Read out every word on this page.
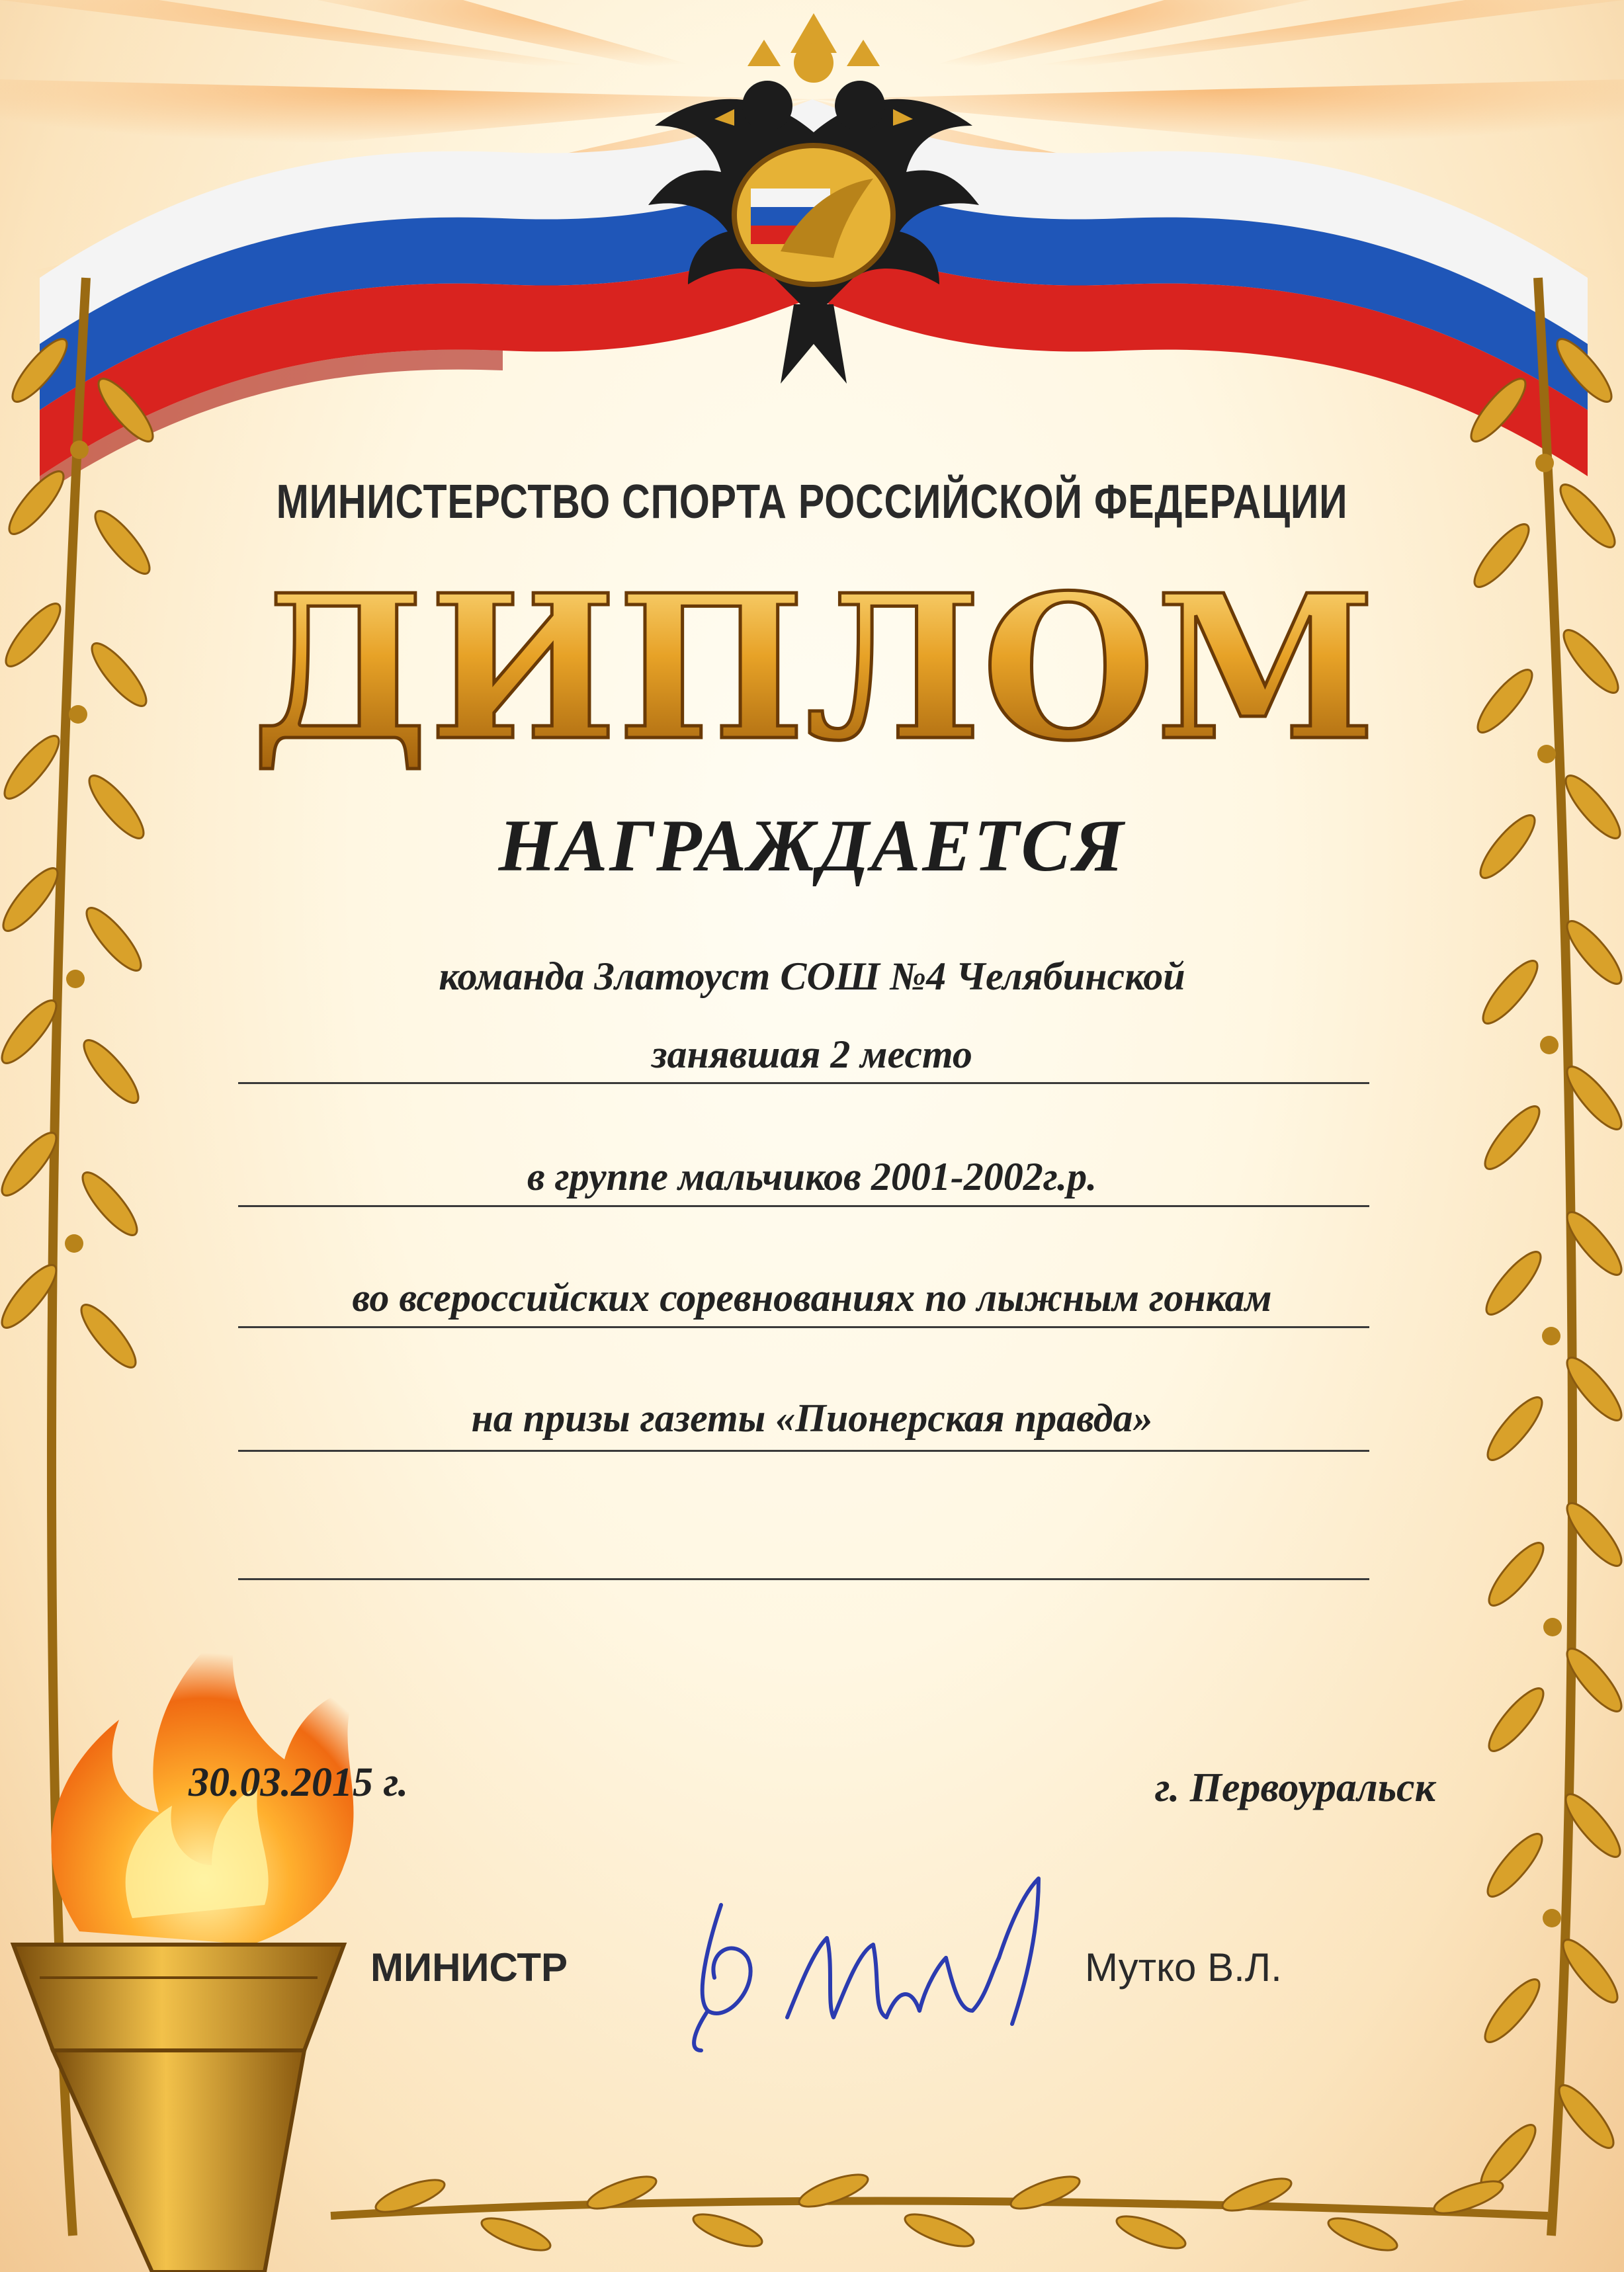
ДИПЛОМ

МИНИСТЕРСТВО СПОРТА РОССИЙСКОЙ ФЕДЕРАЦИИ

НАГРАЖДАЕТСЯ

команда Златоуст СОШ №4 Челябинской

занявшая 2 место

в группе мальчиков 2001-2002г.р.

во всероссийских соревнованиях по лыжным гонкам

на призы газеты «Пионерская правда»

30.03.2015 г.	г. Первоуральск
МИНИСТР	Мутко В.Л.
